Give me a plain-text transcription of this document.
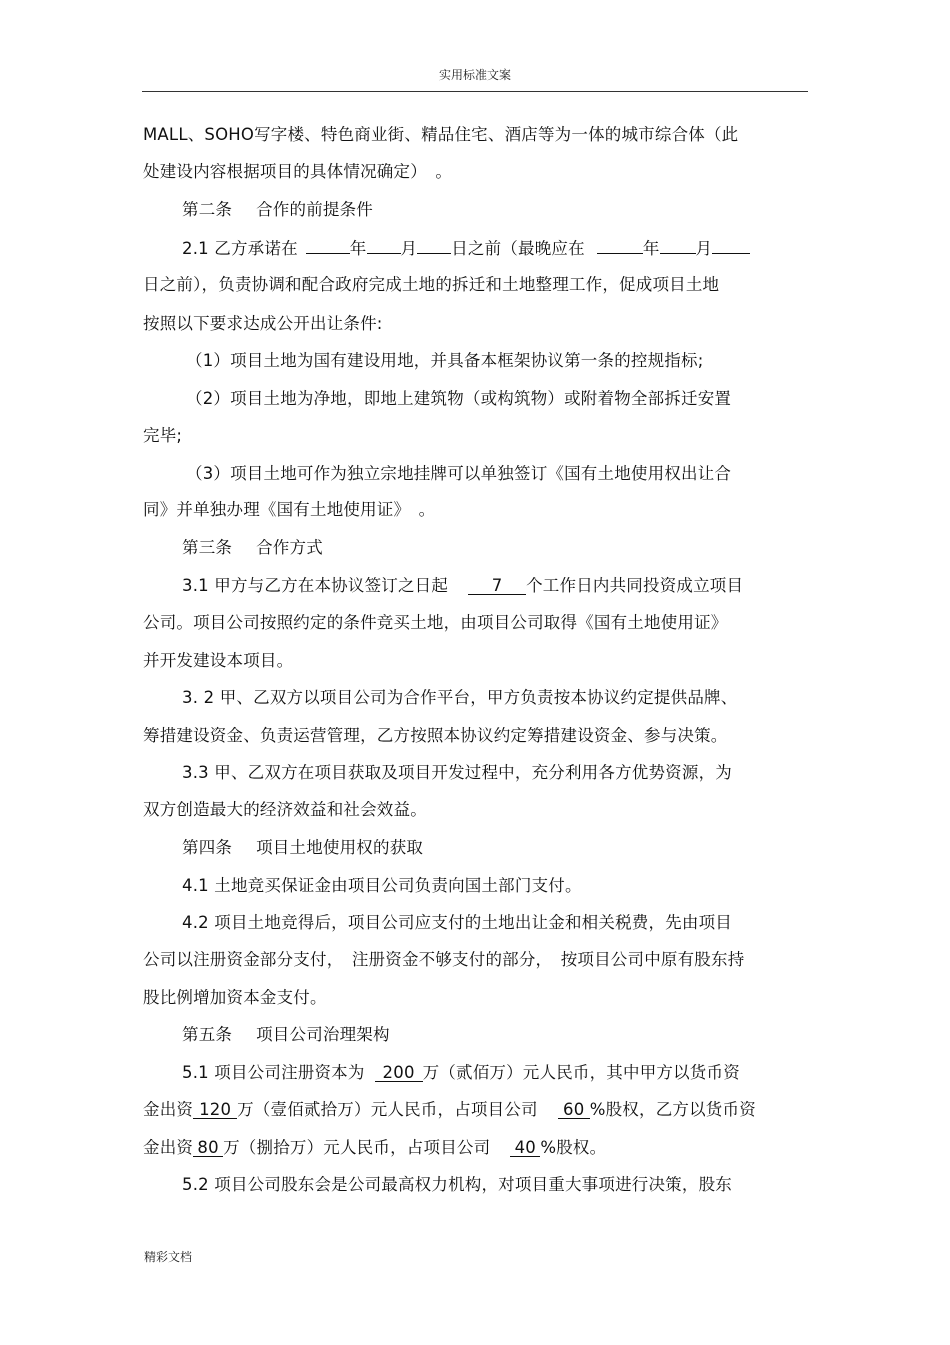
实用标准文案
MALL、SOHO写字楼、特色商业街、精品住宅、酒店等为一体的城市综合体（此
处建设内容根据项目的具体情况确定）　。
第二条 合作的前提条件
2.1 乙方承诺在	年 月 日之前（最晚应在	年 月
日之前），负责协调和配合政府完成土地的拆迁和土地整理工作，促成项目土地
按照以下要求达成公开出让条件:
（1）项目土地为国有建设用地，并具备本框架协议第一条的控规指标;
（2）项目土地为净地，即地上建筑物（或构筑物）或附着物全部拆迁安置
完毕;
（3）项目土地可作为独立宗地挂牌可以单独签订《国有土地使用权出让合
同》并单独办理《国有土地使用证》　。
第三条 合作方式
3.1 甲方与乙方在本协议签订之日起	7 个工作日内共同投资成立项目
公司。项目公司按照约定的条件竞买土地，由项目公司取得《国有土地使用证》
并开发建设本项目。
3. 2 甲、乙双方以项目公司为合作平台，甲方负责按本协议约定提供品牌、
筹措建设资金、负责运营管理，乙方按照本协议约定筹措建设资金、参与决策。
3.3 甲、乙双方在项目获取及项目开发过程中，充分利用各方优势资源，为
双方创造最大的经济效益和社会效益。
第四条 项目土地使用权的获取
4.1 土地竞买保证金由项目公司负责向国土部门支付。
4.2 项目土地竞得后，项目公司应支付的土地出让金和相关税费，先由项目
公司以注册资金部分支付，　注册资金不够支付的部分，　按项目公司中原有股东持
股比例增加资本金支付。
第五条 项目公司治理架构
5.1 项目公司注册资本为 200 万（贰佰万）元人民币，其中甲方以货币资
金出资 120 万（壹佰贰拾万）元人民币，占项目公司 60 %股权，乙方以货币资
金出资 80 万（捌拾万）元人民币，占项目公司 40 %股权。
5.2 项目公司股东会是公司最高权力机构，对项目重大事项进行决策，股东
精彩文档
